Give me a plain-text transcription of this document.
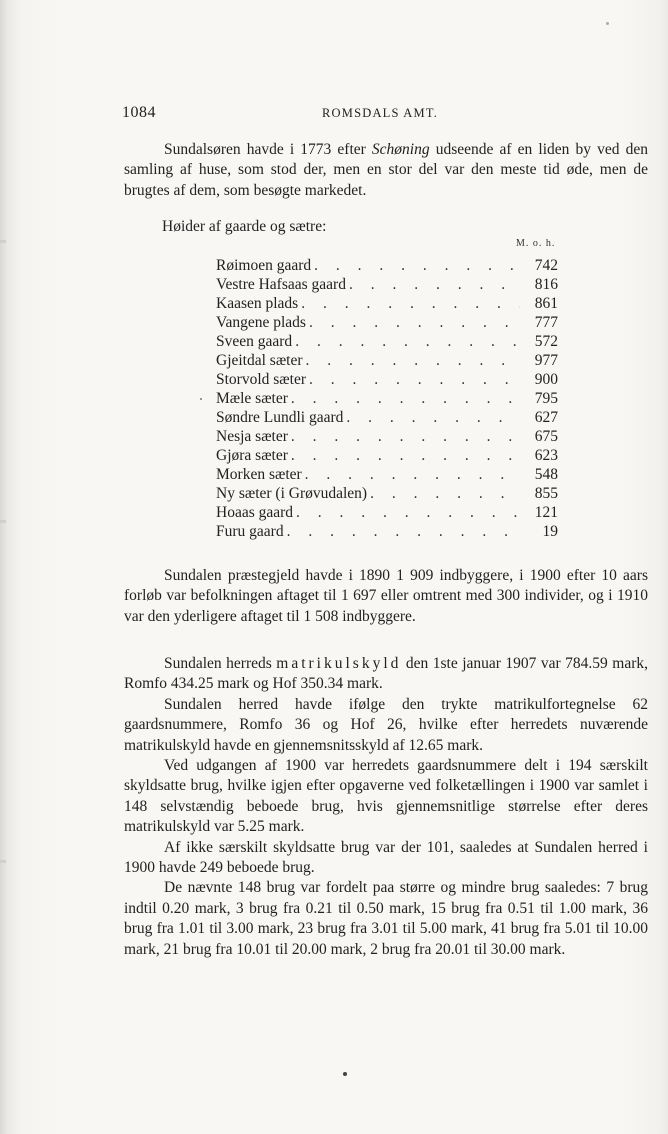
1084	ROMSDALS AMT.

Sundalsøren havde i 1773 efter Schøning udseende af en liden by ved den samling af huse, som stod der, men en stor del var den meste tid øde, men de brugtes af dem, som besøgte markedet.

Høider af gaarde og sætre:
M. o. h.
Røimoen gaard . . .	742
Vestre Hafsaas gaard . . .	816
Kaasen plads . . .	861
Vangene plads . . .	777
Sveen gaard . . .	572
Gjeitdal sæter . . .	977
Storvold sæter . . .	900
Mæle sæter . . .	795
Søndre Lundli gaard . . .	627
Nesja sæter . . .	675
Gjøra sæter . . .	623
Morken sæter . . .	548
Ny sæter (i Grøvudalen) . . .	855
Hoaas gaard . . .	121
Furu gaard . . .	19

Sundalen præstegjeld havde i 1890 1 909 indbyggere, i 1900 efter 10 aars forløb var befolkningen aftaget til 1 697 eller omtrent med 300 individer, og i 1910 var den yderligere aftaget til 1 508 indbyggere.

Sundalen herreds matrikulskyld den 1ste januar 1907 var 784.59 mark, Romfo 434.25 mark og Hof 350.34 mark.

Sundalen herred havde ifølge den trykte matrikulfortegnelse 62 gaardsnummere, Romfo 36 og Hof 26, hvilke efter herredets nuværende matrikulskyld havde en gjennemsnitsskyld af 12.65 mark.

Ved udgangen af 1900 var herredets gaardsnummere delt i 194 særskilt skyldsatte brug, hvilke igjen efter opgaverne ved folketællingen i 1900 var samlet i 148 selvstændig beboede brug, hvis gjennemsnitlige størrelse efter deres matrikulskyld var 5.25 mark.

Af ikke særskilt skyldsatte brug var der 101, saaledes at Sundalen herred i 1900 havde 249 beboede brug.

De nævnte 148 brug var fordelt paa større og mindre brug saaledes: 7 brug indtil 0.20 mark, 3 brug fra 0.21 til 0.50 mark, 15 brug fra 0.51 til 1.00 mark, 36 brug fra 1.01 til 3.00 mark, 23 brug fra 3.01 til 5.00 mark, 41 brug fra 5.01 til 10.00 mark, 21 brug fra 10.01 til 20.00 mark, 2 brug fra 20.01 til 30.00 mark.
